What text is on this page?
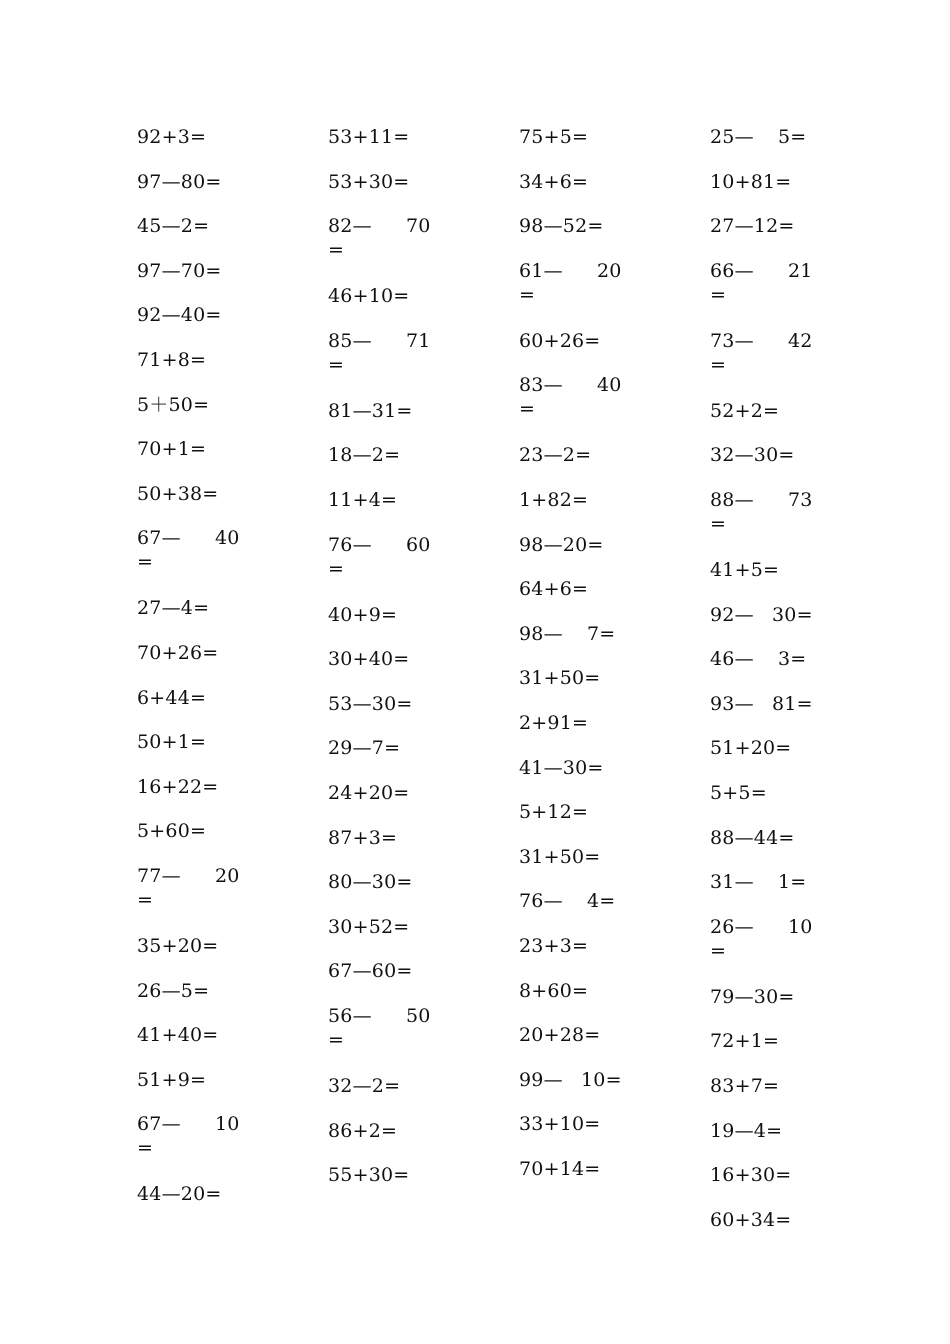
92+3=
97—80=
45—2=
97—70=
92—40=
71+8=
5＋50=
70+1=
50+38=
67— 40
=
27—4=
70+26=
6+44=
50+1=
16+22=
5+60=
77— 20
=
35+20=
26—5=
41+40=
51+9=
67— 10
=
44—20=
53+11=
53+30=
82— 70
=
46+10=
85— 71
=
81—31=
18—2=
11+4=
76— 60
=
40+9=
30+40=
53—30=
29—7=
24+20=
87+3=
80—30=
30+52=
67—60=
56— 50
=
32—2=
86+2=
55+30=
75+5=
34+6=
98—52=
61— 20
=
60+26=
83— 40
=
23—2=
1+82=
98—20=
64+6=
98— 7=
31+50=
2+91=
41—30=
5+12=
31+50=
76— 4=
23+3=
8+60=
20+28=
99— 10=
33+10=
70+14=
25— 5=
10+81=
27—12=
66— 21
=
73— 42
=
52+2=
32—30=
88— 73
=
41+5=
92— 30=
46— 3=
93— 81=
51+20=
5+5=
88—44=
31— 1=
26— 10
=
79—30=
72+1=
83+7=
19—4=
16+30=
60+34=
